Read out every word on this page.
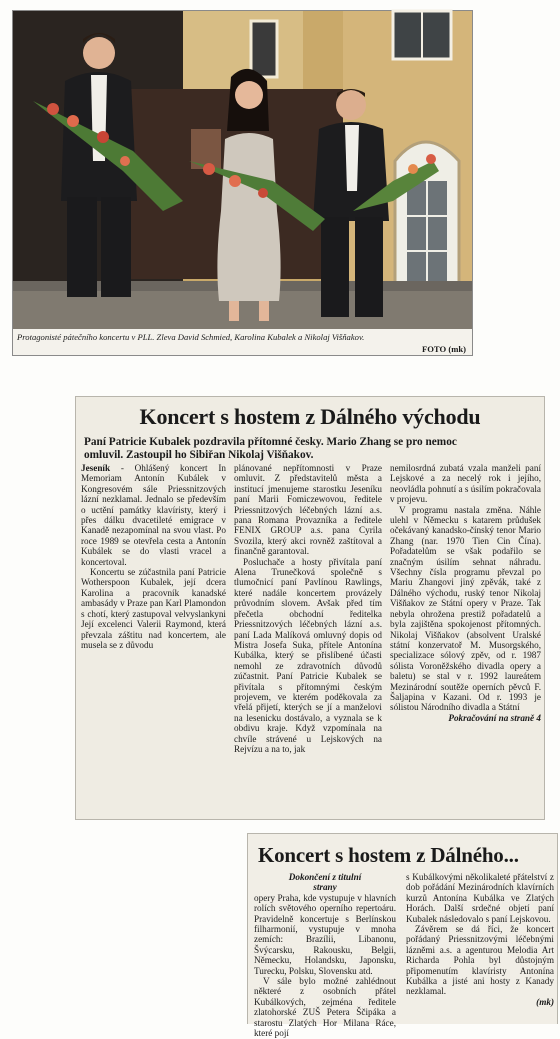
Protagonisté pátečního koncertu v PLL. Zleva David Schmied, Karolina Kubalek a Nikolaj Višňakov.
FOTO (mk)
Koncert s hostem z Dálného východu
Paní Patricie Kubalek pozdravila přítomné česky. Mario Zhang se pro nemoc
omluvil. Zastoupil ho Sibiřan Nikolaj Višňakov.

Jeseník - Ohlášený koncert In Memoriam Antonín Kubálek v Kongresovém sále Priessnitzových lázní nezklamal. Jednalo se především o uctění památky klavíristy, který i přes dálku dvacetileté emigrace v Kanadě nezapomínal na svou vlast. Po roce 1989 se otevřela cesta a Antonín Kubálek se do vlasti vracel a koncertoval.

Koncertu se zúčastnila paní Patricie Wotherspoon Kubalek, její dcera Karolina a pracovník kanadské ambasády v Praze pan Karl Plamondon s chotí, který zastupoval velvyslankyni Její excelenci Valerii Raymond, která převzala záštitu nad koncertem, ale musela se z důvodu

plánované nepřítomnosti v Praze omluvit. Z představitelů města a institucí jmenujeme starostku Jeseníku paní Marii Fomiczewovou, ředitele Priessnitzových léčebných lázní a.s. pana Romana Provazníka a ředitele FENIX GROUP a.s. pana Cyrila Svozila, který akci rovněž zaštítoval a finančně garantoval.

Posluchače a hosty přivítala paní Alena Trunečková společně s tlumočnicí paní Pavlínou Rawlings, které nadále koncertem provázely průvodním slovem. Avšak před tím přečetla obchodní ředitelka Priessnitzových léčebných lázní a.s. paní Lada Malíková omluvný dopis od Mistra Josefa Suka, přítele Antonína Kubálka, který se přislíbené účasti nemohl ze zdravotních důvodů zúčastnit. Paní Patricie Kubalek se přivítala s přítomnými českým projevem, ve kterém poděkovala za vřelá přijetí, kterých se jí a manželovi na lesenicku dostávalo, a vyznala se k obdivu kraje. Když vzpomínala na chvíle strávené u Lejskových na Rejvízu a na to, jak

nemilosrdná zubatá vzala manželi paní Lejskové a za necelý rok i jejího, neovládla pohnutí a s úsilím pokračovala v projevu.

V programu nastala změna. Náhle ulehl v Německu s katarem průdušek očekávaný kanadsko-čínský tenor Mario Zhang (nar. 1970 Tien Cin Čína). Pořadatelům se však podařilo se značným úsilím sehnat náhradu. Všechny čísla programu převzal po Mariu Zhangovi jiný zpěvák, také z Dálného východu, ruský tenor Nikolaj Višňakov ze Státní opery v Praze. Tak nebyla ohrožena prestiž pořadatelů a byla zajištěna spokojenost přítomných. Nikolaj Višňakov (absolvent Uralské státní konzervatoř M. Musorgského, specializace sólový zpěv, od r. 1987 sólista Voroněžského divadla opery a baletu) se stal v r. 1992 laureátem Mezinárodní soutěže operních pěvců F. Šaljapina v Kazani. Od r. 1993 je sólistou Národního divadla a Státní

Pokračování na straně 4
Koncert s hostem z Dálného...
Dokončení z titulní
strany

opery Praha, kde vystupuje v hlavních rolích světového operního repertoáru. Pravidelně koncertuje s Berlínskou filharmonií, vystupuje v mnoha zemích: Brazílii, Libanonu, Švýcarsku, Rakousku, Belgii, Německu, Holandsku, Japonsku, Turecku, Polsku, Slovensku atd.

V sále bylo možné zahlédnout některé z osobních přátel Kubálkových, zejména ředitele zlatohorské ZUŠ Petera Ščipáka a starostu Zlatých Hor Milana Ráce, které pojí

s Kubálkovými několikaleté přátelství z dob pořádání Mezinárodních klavírních kurzů Antonína Kubálka ve Zlatých Horách. Další srdečné objetí paní Kubalek následovalo s paní Lejskovou.

Závěrem se dá říci, že koncert pořádaný Priessnitzovými léčebnými lázněmi a.s. a agenturou Melodia Art Richarda Pohla byl důstojným připomenutím klavíristy Antonína Kubálka a jisté ani hosty z Kanady nezklamal.

(mk)
